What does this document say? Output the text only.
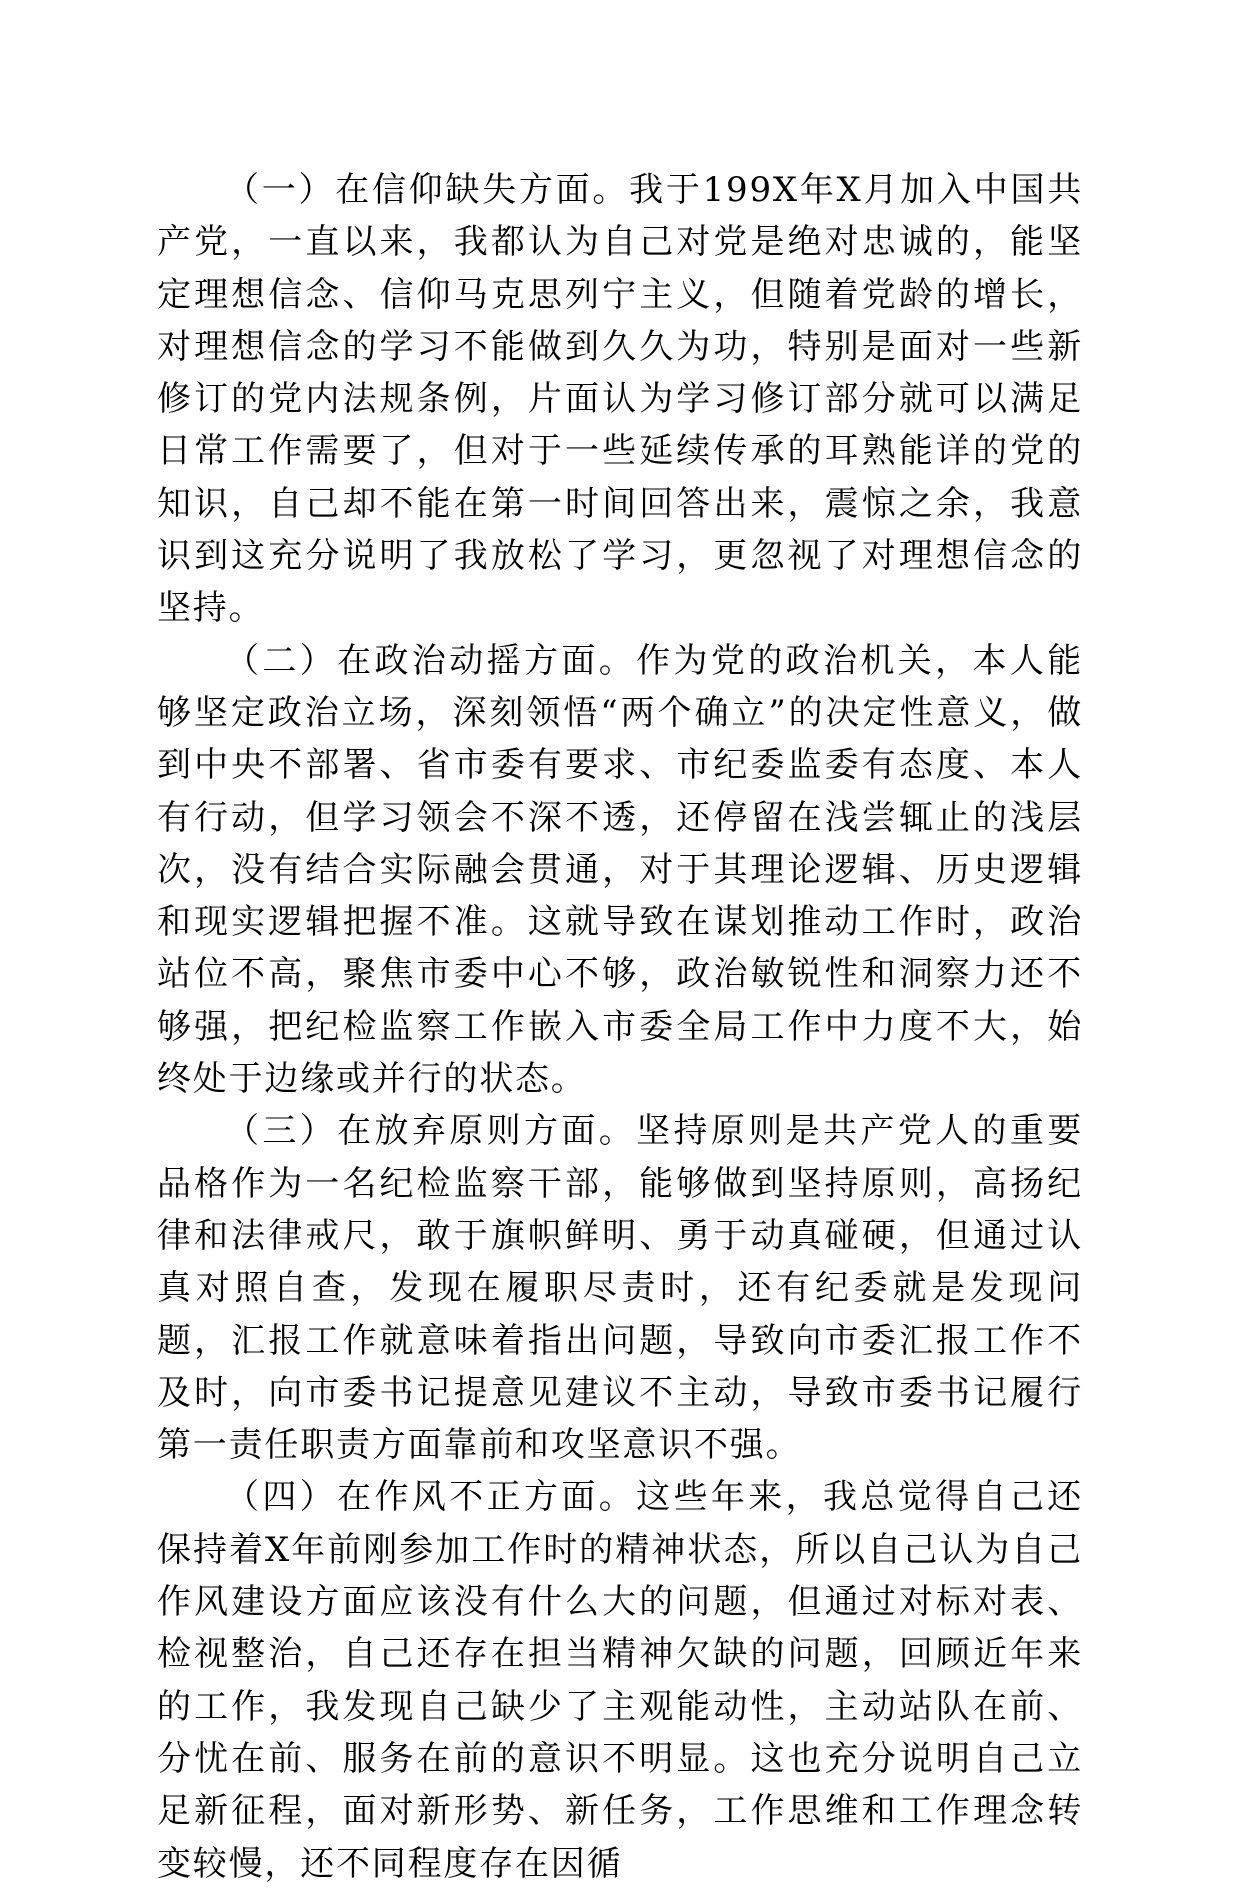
（一）在信仰缺失方面。我于199X年X月加入中国共产党，一直以来，我都认为自己对党是绝对忠诚的，能坚定理想信念、信仰马克思列宁主义，但随着党龄的增长，对理想信念的学习不能做到久久为功，特别是面对一些新修订的党内法规条例，片面认为学习修订部分就可以满足日常工作需要了，但对于一些延续传承的耳熟能详的党的知识，自己却不能在第一时间回答出来，震惊之余，我意识到这充分说明了我放松了学习，更忽视了对理想信念的坚持。

（二）在政治动摇方面。作为党的政治机关，本人能够坚定政治立场，深刻领悟“两个确立”的决定性意义，做到中央不部署、省市委有要求、市纪委监委有态度、本人有行动，但学习领会不深不透，还停留在浅尝辄止的浅层次，没有结合实际融会贯通，对于其理论逻辑、历史逻辑和现实逻辑把握不准。这就导致在谋划推动工作时，政治站位不高，聚焦市委中心不够，政治敏锐性和洞察力还不够强，把纪检监察工作嵌入市委全局工作中力度不大，始终处于边缘或并行的状态。

（三）在放弃原则方面。坚持原则是共产党人的重要品格作为一名纪检监察干部，能够做到坚持原则，高扬纪律和法律戒尺，敢于旗帜鲜明、勇于动真碰硬，但通过认真对照自查，发现在履职尽责时，还有纪委就是发现问题，汇报工作就意味着指出问题，导致向市委汇报工作不及时，向市委书记提意见建议不主动，导致市委书记履行第一责任职责方面靠前和攻坚意识不强。

（四）在作风不正方面。这些年来，我总觉得自己还保持着X年前刚参加工作时的精神状态，所以自己认为自己作风建设方面应该没有什么大的问题，但通过对标对表、检视整治，自己还存在担当精神欠缺的问题，回顾近年来的工作，我发现自己缺少了主观能动性，主动站队在前、分忧在前、服务在前的意识不明显。这也充分说明自己立足新征程，面对新形势、新任务，工作思维和工作理念转变较慢，还不同程度存在因循
